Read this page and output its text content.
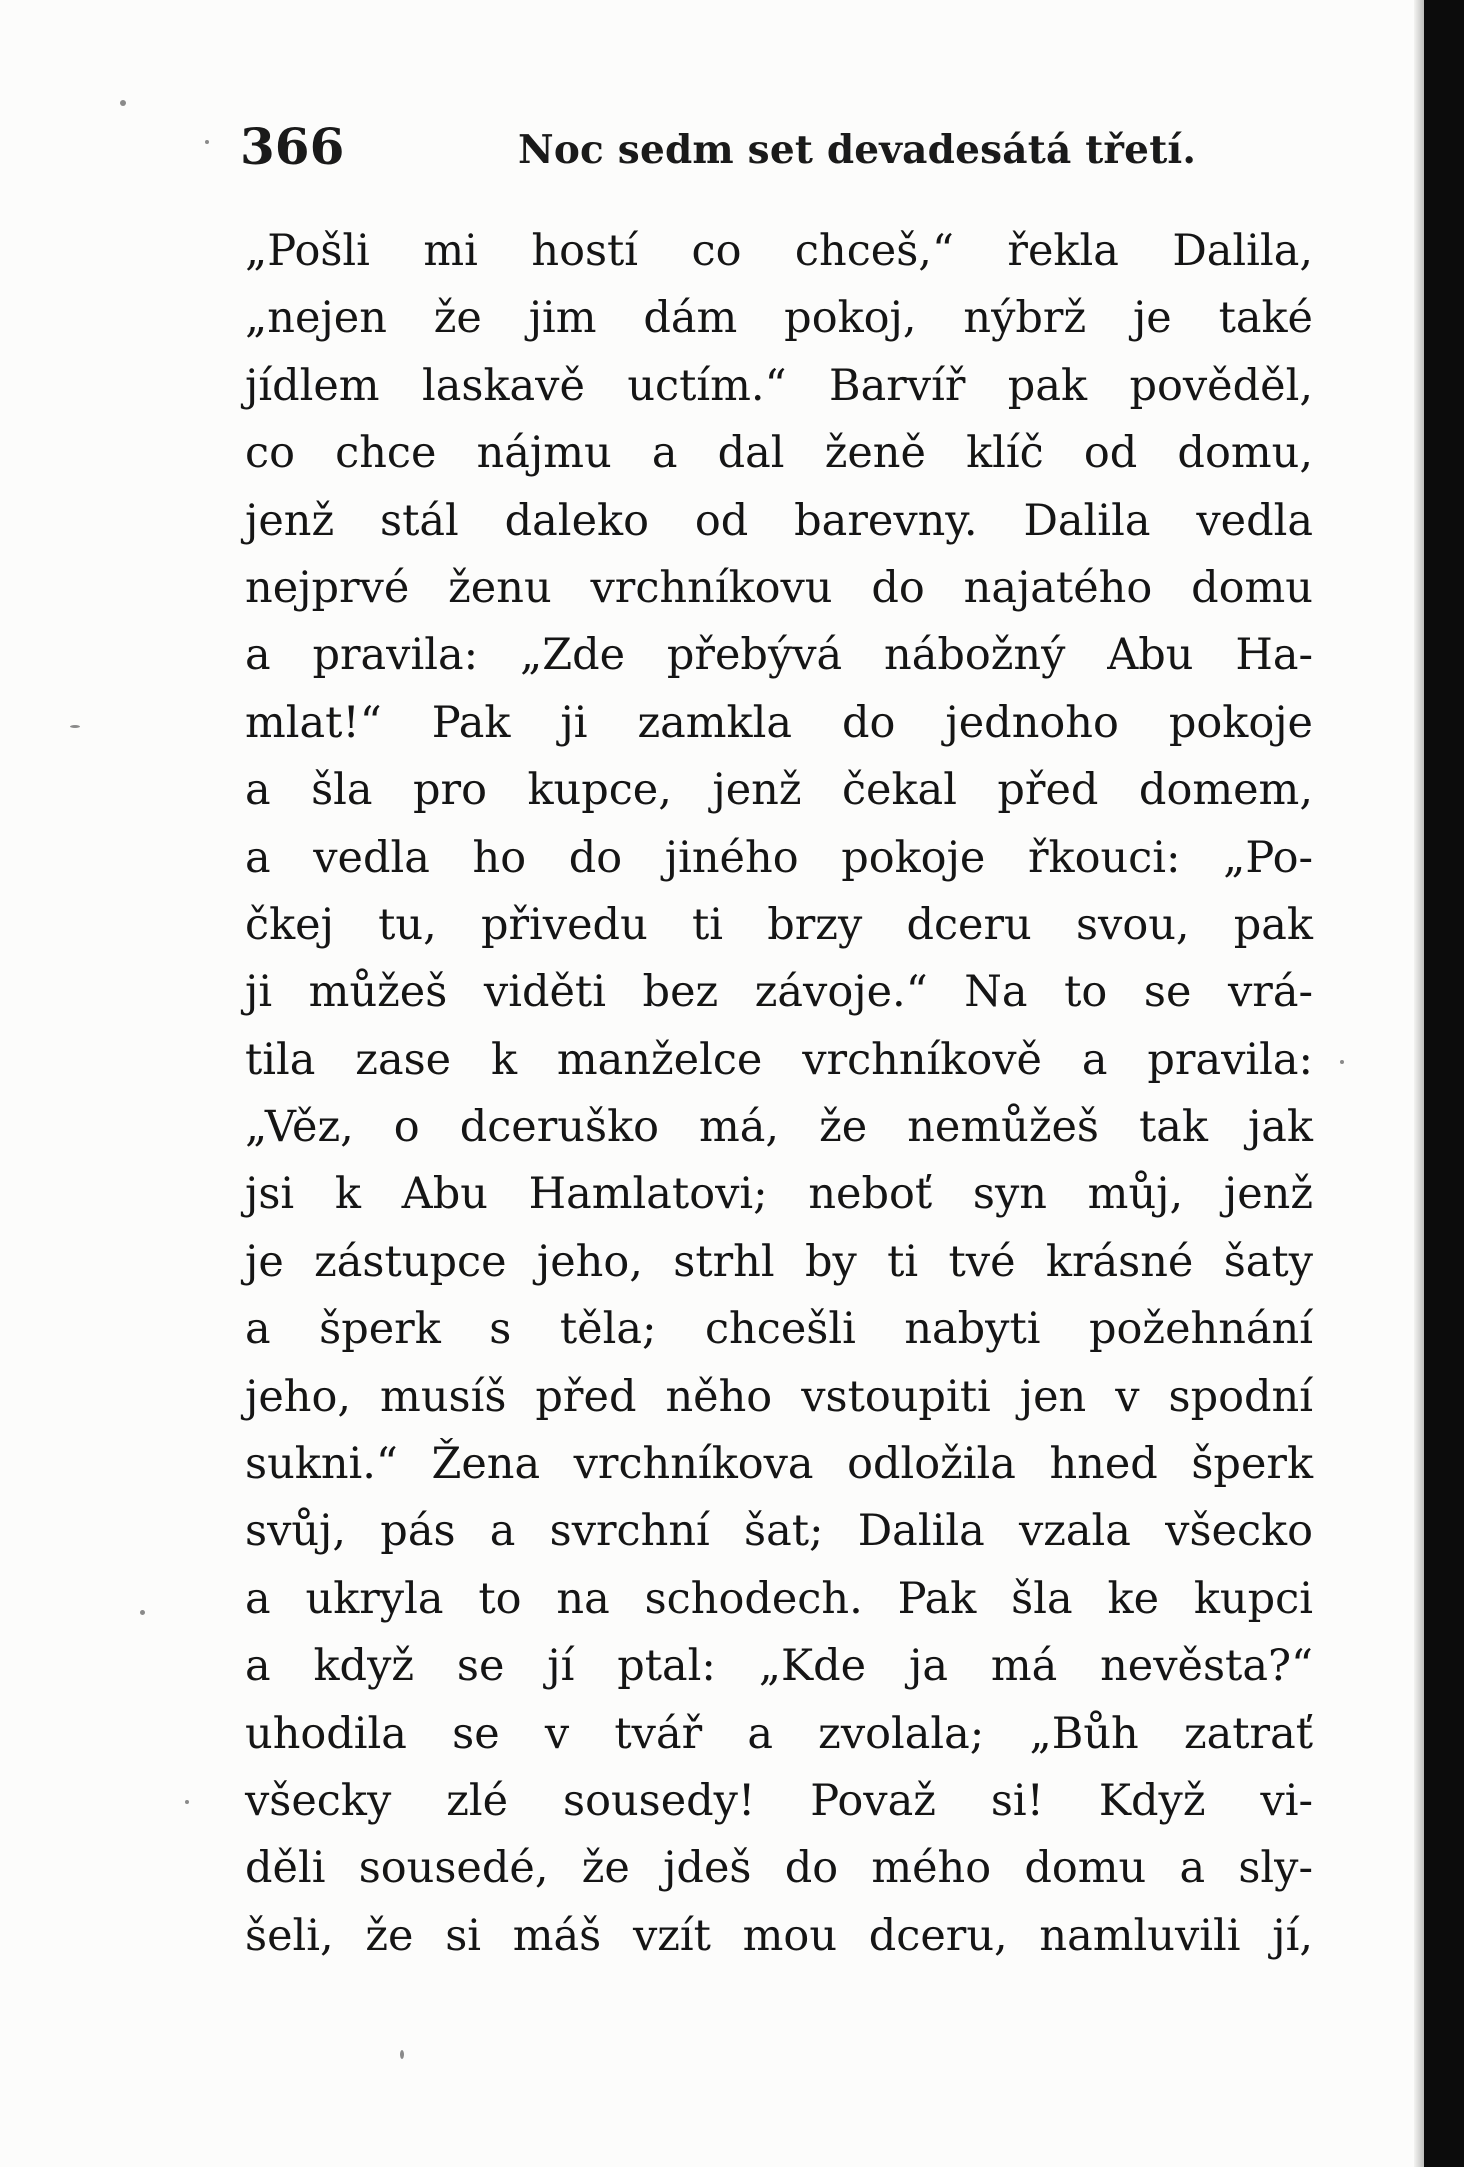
366	Noc sedm set devadesátá třetí.
„Pošli mi hostí co chceš,“ řekla Dalila,
„nejen že jim dám pokoj, nýbrž je také
jídlem laskavě uctím.“ Barvíř pak pověděl,
co chce nájmu a dal ženě klíč od domu,
jenž stál daleko od barevny. Dalila vedla
nejprvé ženu vrchníkovu do najatého domu
a pravila: „Zde přebývá nábožný Abu Ha-
mlat!“ Pak ji zamkla do jednoho pokoje
a šla pro kupce, jenž čekal před domem,
a vedla ho do jiného pokoje řkouci: „Po-
čkej tu, přivedu ti brzy dceru svou, pak
ji můžeš viděti bez závoje.“ Na to se vrá-
tila zase k manželce vrchníkově a pravila:
„Věz, o dceruško má, že nemůžeš tak jak
jsi k Abu Hamlatovi; neboť syn můj, jenž
je zástupce jeho, strhl by ti tvé krásné šaty
a šperk s těla; chcešli nabyti požehnání
jeho, musíš před něho vstoupiti jen v spodní
sukni.“ Žena vrchníkova odložila hned šperk
svůj, pás a svrchní šat; Dalila vzala všecko
a ukryla to na schodech. Pak šla ke kupci
a když se jí ptal: „Kde ja má nevěsta?“
uhodila se v tvář a zvolala; „Bůh zatrať
všecky zlé sousedy! Považ si! Když vi-
děli sousedé, že jdeš do mého domu a sly-
šeli, že si máš vzít mou dceru, namluvili jí,
